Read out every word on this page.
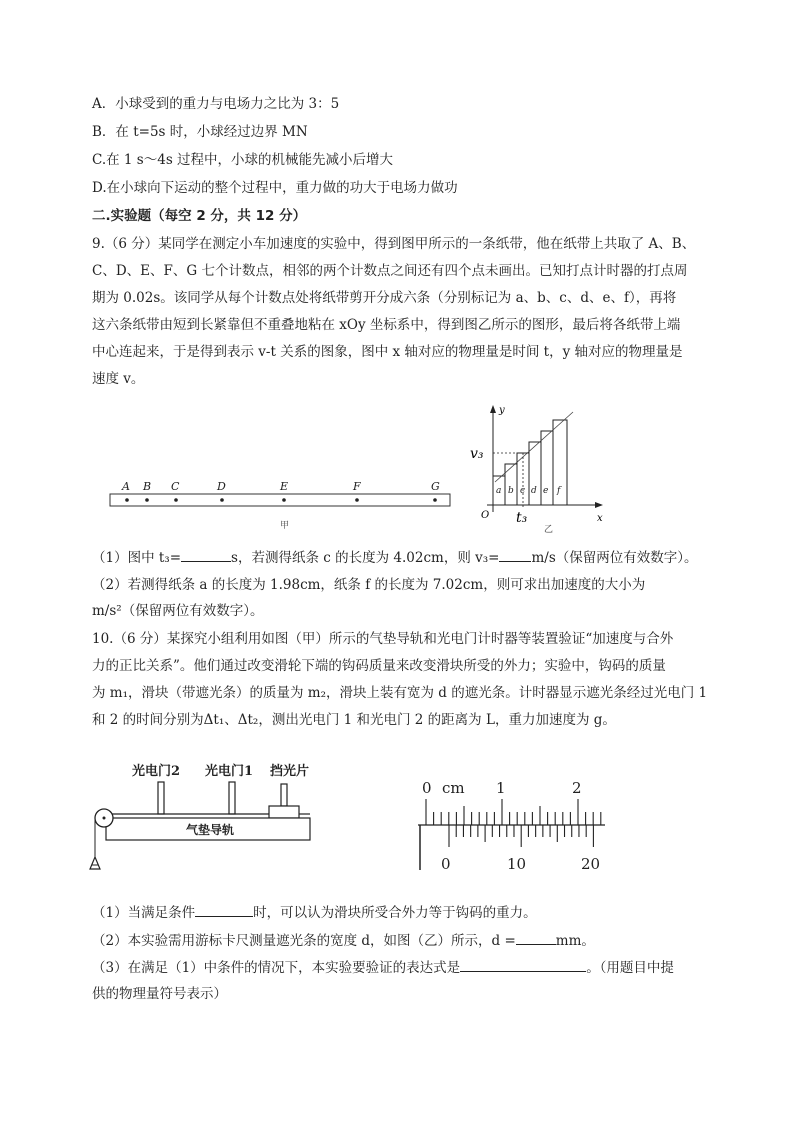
A．小球受到的重力与电场力之比为 3：5
B．在 t=5s 时，小球经过边界 MN
C.在 1 s～4s 过程中，小球的机械能先减小后增大
D.在小球向下运动的整个过程中，重力做的功大于电场力做功
二.实验题（每空 2 分，共 12 分）
9.（6 分）某同学在测定小车加速度的实验中，得到图甲所示的一条纸带，他在纸带上共取了 A、B、
C、D、E、F、G 七个计数点，相邻的两个计数点之间还有四个点未画出。已知打点计时器的打点周
期为 0.02s。该同学从每个计数点处将纸带剪开分成六条（分别标记为 a、b、c、d、e、f），再将
这六条纸带由短到长紧靠但不重叠地粘在 xOy 坐标系中，得到图乙所示的图形，最后将各纸带上端
中心连起来，于是得到表示 v-t 关系的图象，图中 x 轴对应的物理量是时间 t，y 轴对应的物理量是
速度 v。
A B C	D	E	F	G
甲
y
x
O
a b c d e f
v₃
t₃
乙
（1）图中 t₃=	s，若测得纸条 c 的长度为 4.02cm，则 v₃= m/s（保留两位有效数字）。
（2）若测得纸条 a 的长度为 1.98cm，纸条 f 的长度为 7.02cm，则可求出加速度的大小为
m/s²（保留两位有效数字）。
10.（6 分）某探究小组利用如图（甲）所示的气垫导轨和光电门计时器等装置验证“加速度与合外
力的正比关系”。他们通过改变滑轮下端的钩码质量来改变滑块所受的外力；实验中，钩码的质量
为 m₁，滑块（带遮光条）的质量为 m₂，滑块上装有宽为 d 的遮光条。计时器显示遮光条经过光电门 1
和 2 的时间分别为Δt₁、Δt₂，测出光电门 1 和光电门 2 的距离为 L，重力加速度为 g。
光电门2 光电门1 挡光片
气垫导轨
0 cm 1	2
0	10	20
（1）当满足条件	时，可以认为滑块所受合外力等于钩码的重力。
（2）本实验需用游标卡尺测量遮光条的宽度 d，如图（乙）所示，d =	mm。
（3）在满足（1）中条件的情况下，本实验要验证的表达式是	。（用题目中提
供的物理量符号表示）
